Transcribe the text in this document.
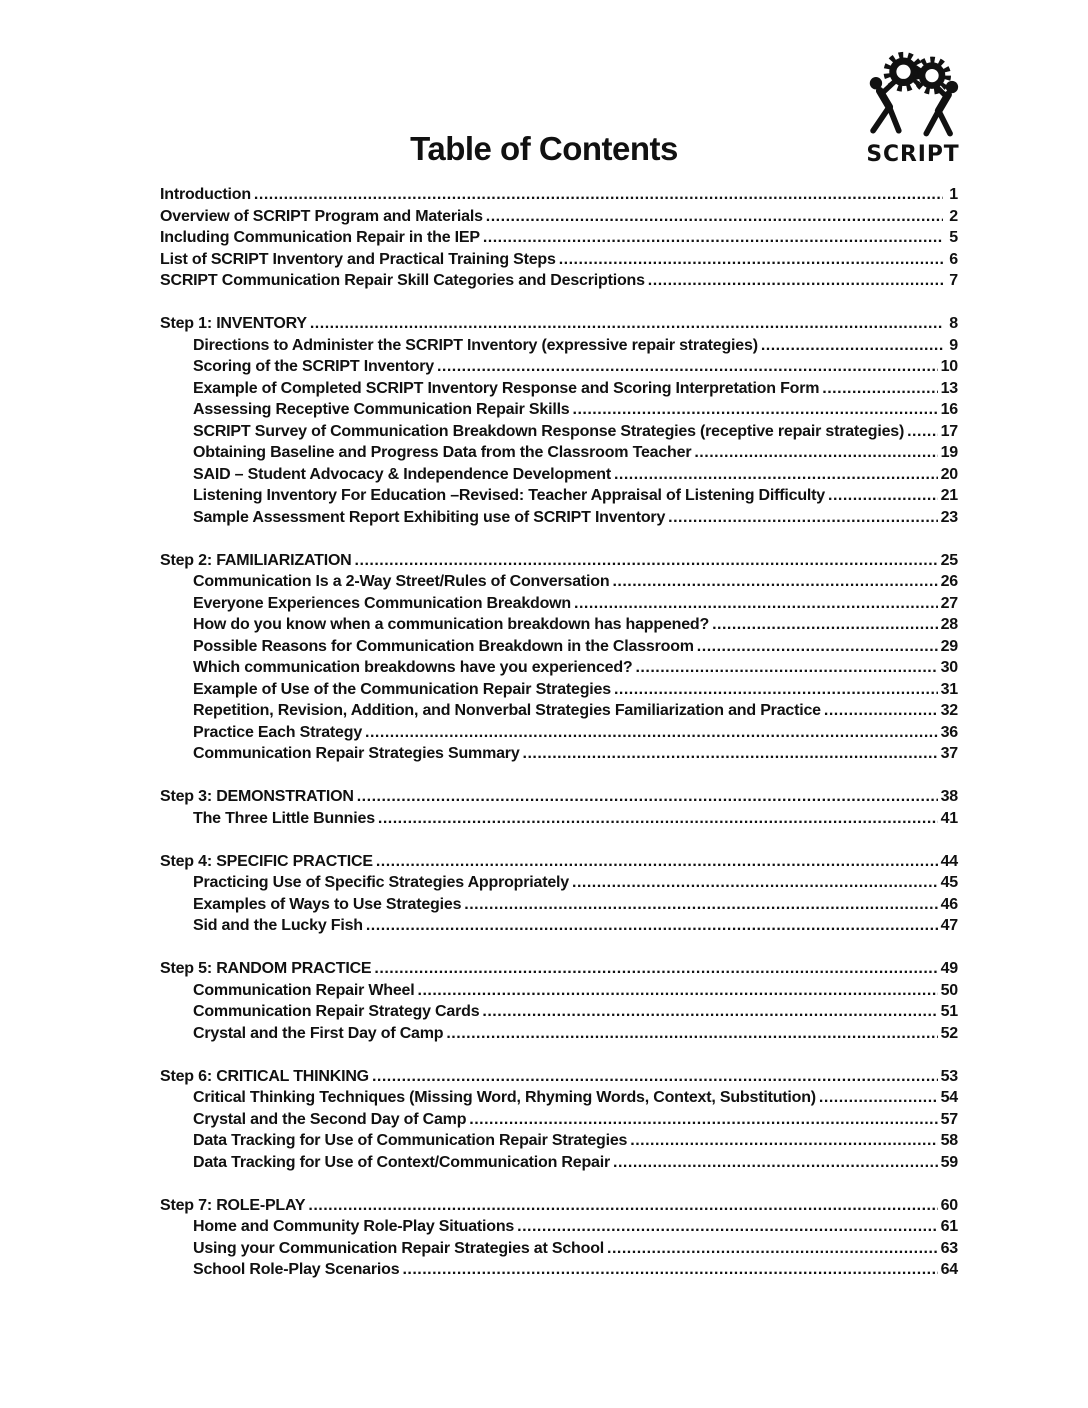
SCRIPT
Table of Contents
Introduction .....	1
Overview of SCRIPT Program and Materials .....	2
Including Communication Repair in the IEP .....	5
List of SCRIPT Inventory and Practical Training Steps .....	6
SCRIPT Communication Repair Skill Categories and Descriptions .....	7
Step 1: INVENTORY .....	8
Directions to Administer the SCRIPT Inventory (expressive repair strategies) .....	9
Scoring of the SCRIPT Inventory .....	10
Example of Completed SCRIPT Inventory Response and Scoring Interpretation Form .....	13
Assessing Receptive Communication Repair Skills .....	16
SCRIPT Survey of Communication Breakdown Response Strategies (receptive repair strategies) ..... 17
Obtaining Baseline and Progress Data from the Classroom Teacher .....	19
SAID – Student Advocacy & Independence Development .....	20
Listening Inventory For Education –Revised: Teacher Appraisal of Listening Difficulty .....	21
Sample Assessment Report Exhibiting use of SCRIPT Inventory .....	23
Step 2: FAMILIARIZATION .....	25
Communication Is a 2-Way Street/Rules of Conversation .....	26
Everyone Experiences Communication Breakdown .....	27
How do you know when a communication breakdown has happened? .....	28
Possible Reasons for Communication Breakdown in the Classroom .....	29
Which communication breakdowns have you experienced? .....	30
Example of Use of the Communication Repair Strategies .....	31
Repetition, Revision, Addition, and Nonverbal Strategies Familiarization and Practice .....	32
Practice Each Strategy .....	36
Communication Repair Strategies Summary .....	37
Step 3: DEMONSTRATION .....	38
The Three Little Bunnies .....	41
Step 4: SPECIFIC PRACTICE .....	44
Practicing Use of Specific Strategies Appropriately .....	45
Examples of Ways to Use Strategies .....	46
Sid and the Lucky Fish .....	47
Step 5: RANDOM PRACTICE .....	49
Communication Repair Wheel .....	50
Communication Repair Strategy Cards .....	51
Crystal and the First Day of Camp .....	52
Step 6: CRITICAL THINKING .....	53
Critical Thinking Techniques (Missing Word, Rhyming Words, Context, Substitution) .....	54
Crystal and the Second Day of Camp .....	57
Data Tracking for Use of Communication Repair Strategies .....	58
Data Tracking for Use of Context/Communication Repair .....	59
Step 7: ROLE-PLAY .....	60
Home and Community Role-Play Situations .....	61
Using your Communication Repair Strategies at School .....	63
School Role-Play Scenarios .....	64
